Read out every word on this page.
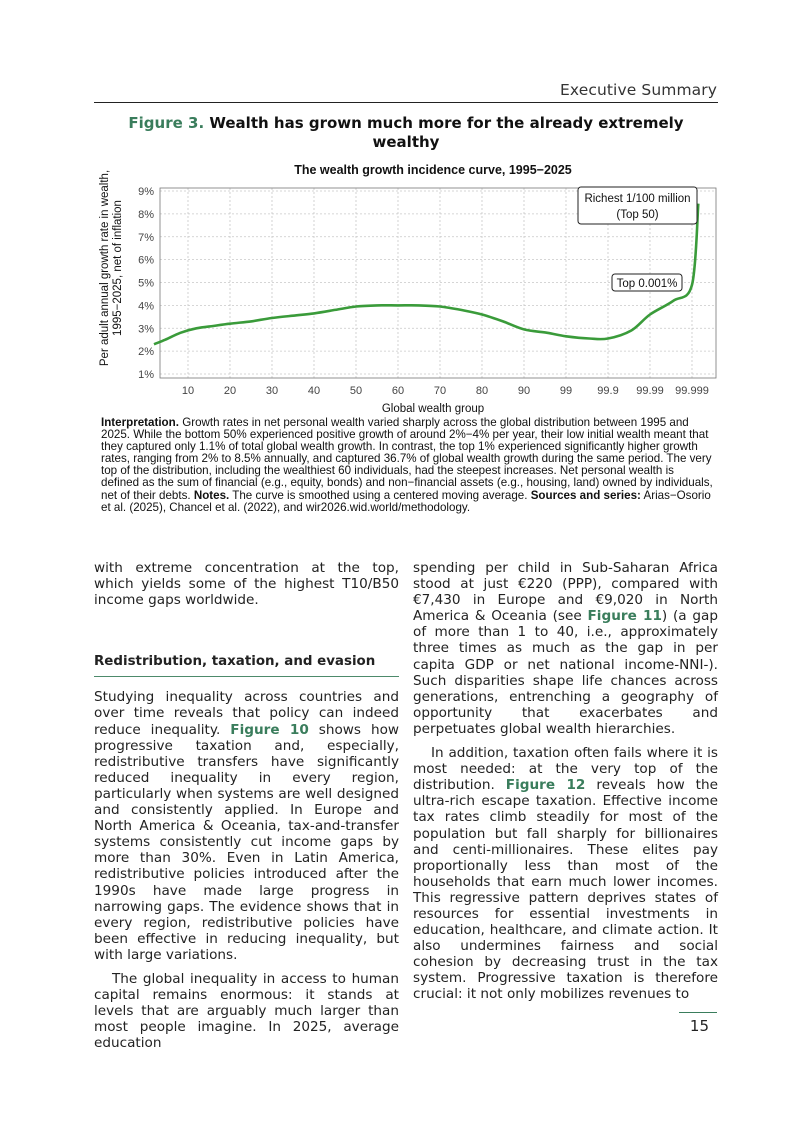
Executive Summary
Figure 3. Wealth has grown much more for the already extremely wealthy
The wealth growth incidence curve, 1995−2025
1%
2%
3%
4%
5%
6%
7%
8%
9%
10	20	30	40	50	60	70	80	90	99 99.9 99.99 99.999
Richest 1/100 million
(Top 50)
Top 0.001%
Per adult annual growth rate in wealth, 1995−2025, net of inflation
Global wealth group
Interpretation. Growth rates in net personal wealth varied sharply across the global distribution between 1995 and 2025. While the bottom 50% experienced positive growth of around 2%−4% per year, their low initial wealth meant that they captured only 1.1% of total global wealth growth. In contrast, the top 1% experienced significantly higher growth rates, ranging from 2% to 8.5% annually, and captured 36.7% of global wealth growth during the same period. The very top of the distribution, including the wealthiest 60 individuals, had the steepest increases. Net personal wealth is defined as the sum of financial (e.g., equity, bonds) and non−financial assets (e.g., housing, land) owned by individuals, net of their debts. Notes. The curve is smoothed using a centered moving average. Sources and series: Arias−Osorio et al. (2025), Chancel et al. (2022), and wir2026.wid.world/methodology.

with extreme concentration at the top, which yields some of the highest T10/B50 income gaps worldwide.

Redistribution, taxation, and evasion

Studying inequality across countries and over time reveals that policy can indeed reduce inequality. Figure 10 shows how progressive taxation and, especially, redistributive transfers have significantly reduced inequality in every region, particularly when systems are well designed and consistently applied. In Europe and North America & Oceania, tax-and-transfer systems consistently cut income gaps by more than 30%. Even in Latin America, redistributive policies introduced after the 1990s have made large progress in narrowing gaps. The evidence shows that in every region, redistributive policies have been effective in reducing inequality, but with large variations.

The global inequality in access to human capital remains enormous: it stands at levels that are arguably much larger than most people imagine. In 2025, average education

spending per child in Sub-Saharan Africa stood at just €220 (PPP), compared with €7,430 in Europe and €9,020 in North America & Oceania (see Figure 11) (a gap of more than 1 to 40, i.e., approximately three times as much as the gap in per capita GDP or net national income-NNI-). Such disparities shape life chances across generations, entrenching a geography of opportunity that exacerbates and perpetuates global wealth hierarchies.

In addition, taxation often fails where it is most needed: at the very top of the distribution. Figure 12 reveals how the ultra-rich escape taxation. Effective income tax rates climb steadily for most of the population but fall sharply for billionaires and centi-millionaires. These elites pay proportionally less than most of the households that earn much lower incomes. This regressive pattern deprives states of resources for essential investments in education, healthcare, and climate action. It also undermines fairness and social cohesion by decreasing trust in the tax system. Progressive taxation is therefore crucial: it not only mobilizes revenues to

15
